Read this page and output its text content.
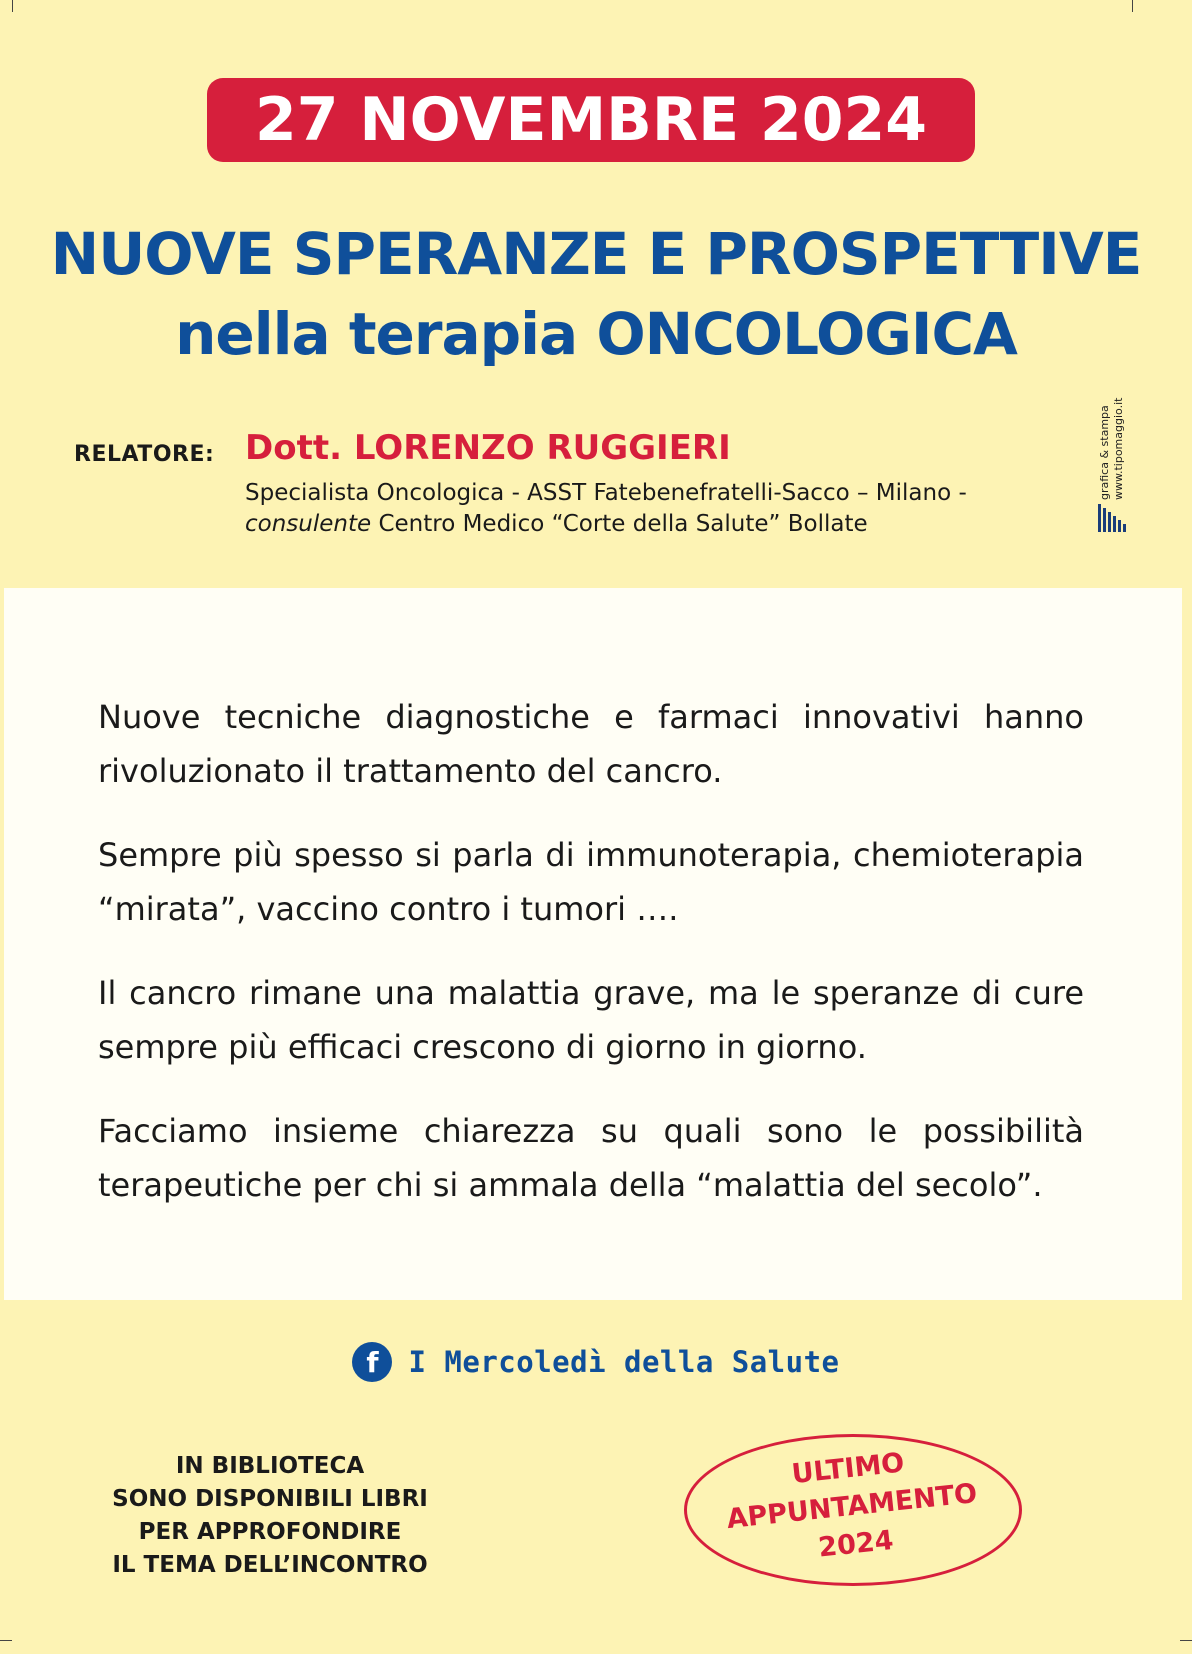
27 NOVEMBRE 2024
NUOVE SPERANZE E PROSPETTIVE
nella terapia ONCOLOGICA
RELATORE: Dott. LORENZO RUGGIERI
Specialista Oncologica - ASST Fatebenefratelli-Sacco – Milano -
consulente Centro Medico “Corte della Salute” Bollate
grafica & stampa www.tipomaggio.it
Nuove tecniche diagnostiche e farmaci innovativi hanno
rivoluzionato il trattamento del cancro.
Sempre più spesso si parla di immunoterapia, chemioterapia
“mirata”, vaccino contro i tumori ….
Il cancro rimane una malattia grave, ma le speranze di cure
sempre più efficaci crescono di giorno in giorno.
Facciamo insieme chiarezza su quali sono le possibilità
terapeutiche per chi si ammala della “malattia del secolo”.
f	I Mercoledì della Salute
IN BIBLIOTECA
SONO DISPONIBILI LIBRI
PER APPROFONDIRE
IL TEMA DELL’INCONTRO
ULTIMO
APPUNTAMENTO
2024
